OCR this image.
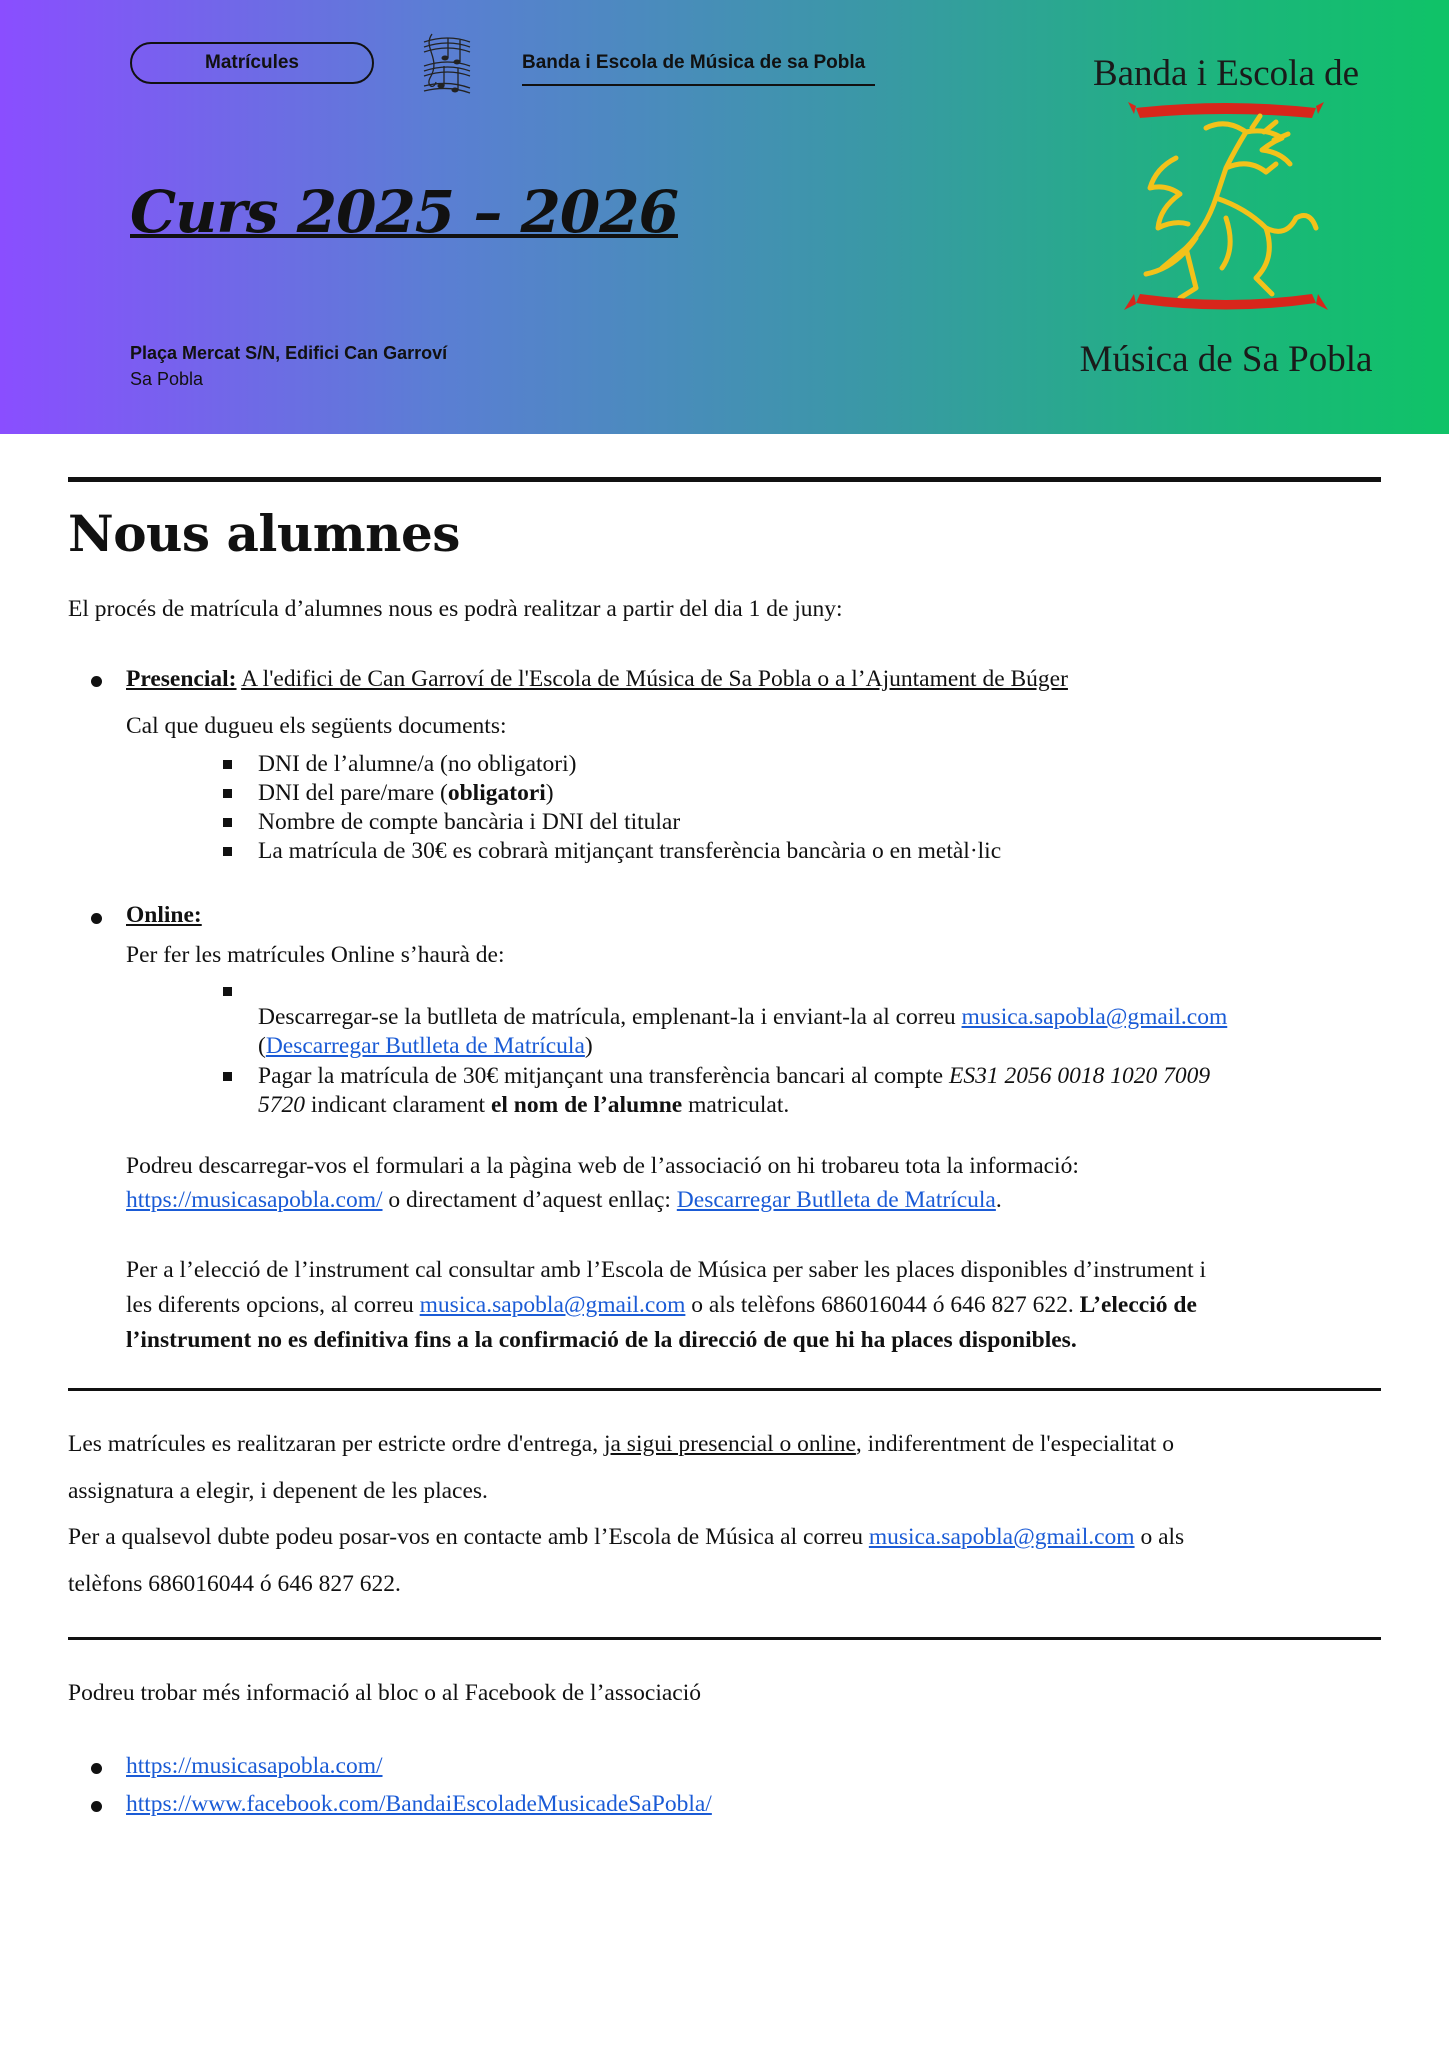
Matrícules	Banda i Escola de Música de sa Pobla
Curs 2025 – 2026
Plaça Mercat S/N, Edifici Can Garroví
Sa Pobla
Banda i Escola de
Música de Sa Pobla
Nous alumnes
El procés de matrícula d’alumnes nous es podrà realitzar a partir del dia 1 de juny:
Presencial: A l'edifici de Can Garroví de l'Escola de Música de Sa Pobla o a l’Ajuntament de Búger
Cal que dugueu els següents documents:
DNI de l’alumne/a (no obligatori)
DNI del pare/mare (obligatori)
Nombre de compte bancària i DNI del titular
La matrícula de 30€ es cobrarà mitjançant transferència bancària o en metàl·lic
Online:
Per fer les matrícules Online s’haurà de:
Descarregar-se la butlleta de matrícula, emplenant-la i enviant-la al correu musica.sapobla@gmail.com
(Descarregar Butlleta de Matrícula)
Pagar la matrícula de 30€ mitjançant una transferència bancari al compte ES31 2056 0018 1020 7009
5720 indicant clarament el nom de l’alumne matriculat.
Podreu descarregar-vos el formulari a la pàgina web de l’associació on hi trobareu tota la informació:
https://musicasapobla.com/ o directament d’aquest enllaç: Descarregar Butlleta de Matrícula.
Per a l’elecció de l’instrument cal consultar amb l’Escola de Música per saber les places disponibles d’instrument i
les diferents opcions, al correu musica.sapobla@gmail.com o als telèfons 686016044 ó 646 827 622. L’elecció de
l’instrument no es definitiva fins a la confirmació de la direcció de que hi ha places disponibles.
Les matrícules es realitzaran per estricte ordre d'entrega, ja sigui presencial o online, indiferentment de l'especialitat o
assignatura a elegir, i depenent de les places.
Per a qualsevol dubte podeu posar-vos en contacte amb l’Escola de Música al correu musica.sapobla@gmail.com o als
telèfons 686016044 ó 646 827 622.
Podreu trobar més informació al bloc o al Facebook de l’associació
https://musicasapobla.com/
https://www.facebook.com/BandaiEscoladeMusicadeSaPobla/
